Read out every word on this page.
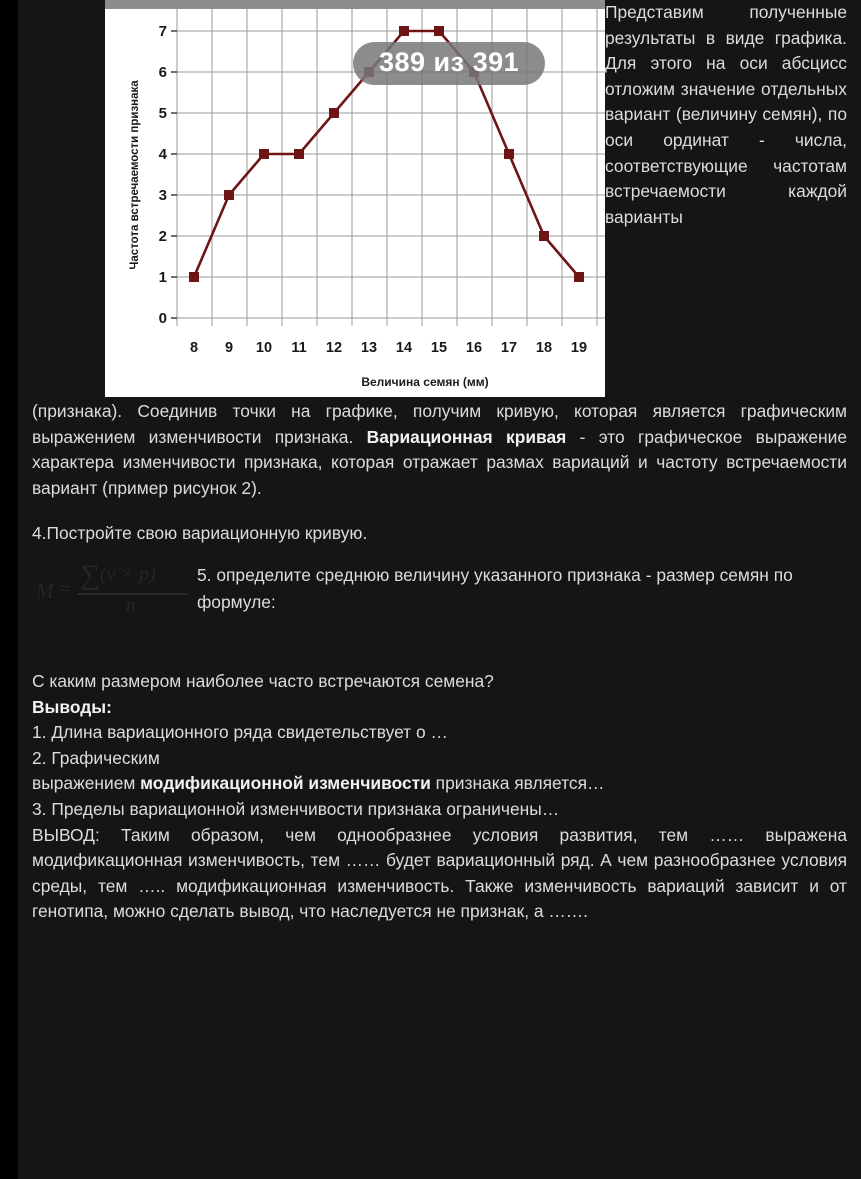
7
6
5
4
3
2
1
0
8 9 10 11 12 13 14 15 16 17 18 19
Частота встречаемости признака
Величина семян (мм)
389 из 391

Представим полученные результаты в виде графика. Для этого на оси абсцисс отложим значение отдельных вариант (величину семян), по оси ординат - числа, соответствующие частотам встречаемости каждой варианты

(признака). Соединив точки на графике, получим кривую, которая является графическим выражением изменчивости признака. Вариационная кривая - это графическое выражение характера изменчивости признака, которая отражает размах вариаций и частоту встречаемости вариант (пример рисунок 2).

4.Постройте свою вариационную кривую.

M = ∑(v × p)
n
5. определите среднюю величину указанного признака - размер семян по формуле:

С каким размером наиболее часто встречаются семена?

Выводы:

1. Длина вариационного ряда свидетельствует о …

2. Графическим

выражением модификационной изменчивости признака является…

3. Пределы вариационной изменчивости признака ограничены…

ВЫВОД: Таким образом, чем однообразнее условия развития, тем …… выражена модификационная изменчивость, тем …… будет вариационный ряд. А чем разнообразнее условия среды, тем ….. модификационная изменчивость. Также изменчивость вариаций зависит и от генотипа, можно сделать вывод, что наследуется не признак, а …….
